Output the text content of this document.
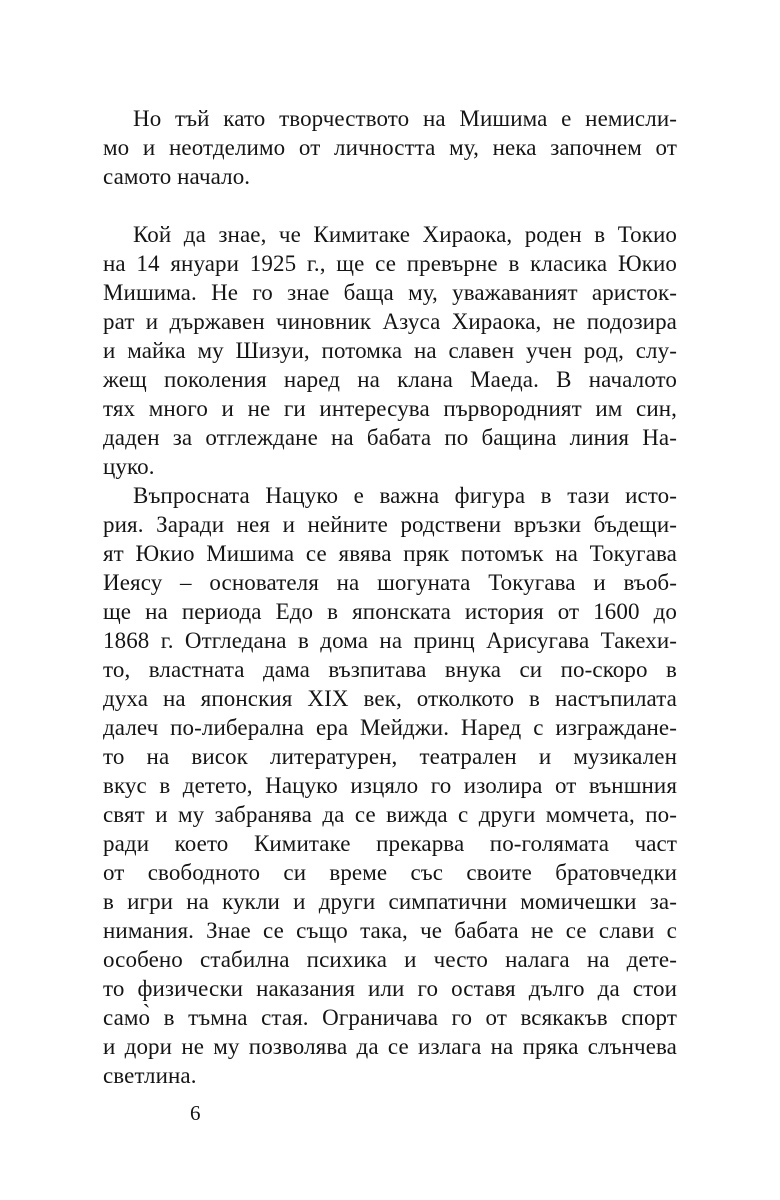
Но тъй като творчеството на Мишима е немисли-
мо и неотделимо от личността му, нека започнем от
самото начало.
Кой да знае, че Кимитаке Хираока, роден в Токио
на 14 януари 1925 г., ще се превърне в класика Юкио
Мишима. Не го знае баща му, уважаваният аристок-
рат и държавен чиновник Азуса Хираока, не подозира
и майка му Шизуи, потомка на славен учен род, слу-
жещ поколения наред на клана Маеда. В началото
тях много и не ги интересува първородният им син,
даден за отглеждане на бабата по бащина линия На-
цуко.
Въпросната Нацуко е важна фигура в тази исто-
рия. Заради нея и нейните родствени връзки бъдещи-
ят Юкио Мишима се явява пряк потомък на Токугава
Иеясу – основателя на шогуната Токугава и въоб-
ще на периода Едо в японската история от 1600 до
1868 г. Отгледана в дома на принц Арисугава Такехи-
то, властната дама възпитава внука си по-скоро в
духа на японския XIX век, отколкото в настъпилата
далеч по-либерална ера Мейджи. Наред с изграждане-
то на висок литературен, театрален и музикален
вкус в детето, Нацуко изцяло го изолира от външния
свят и му забранява да се вижда с други момчета, по-
ради което Кимитаке прекарва по-голямата част
от свободното си време със своите братовчедки
в игри на кукли и други симпатични момичешки за-
нимания. Знае се също така, че бабата не се слави с
особено стабилна психика и често налага на дете-
то физически наказания или го оставя дълго да стои
само̀ в тъмна стая. Ограничава го от всякакъв спорт
и дори не му позволява да се излага на пряка слънчева
светлина.
6
